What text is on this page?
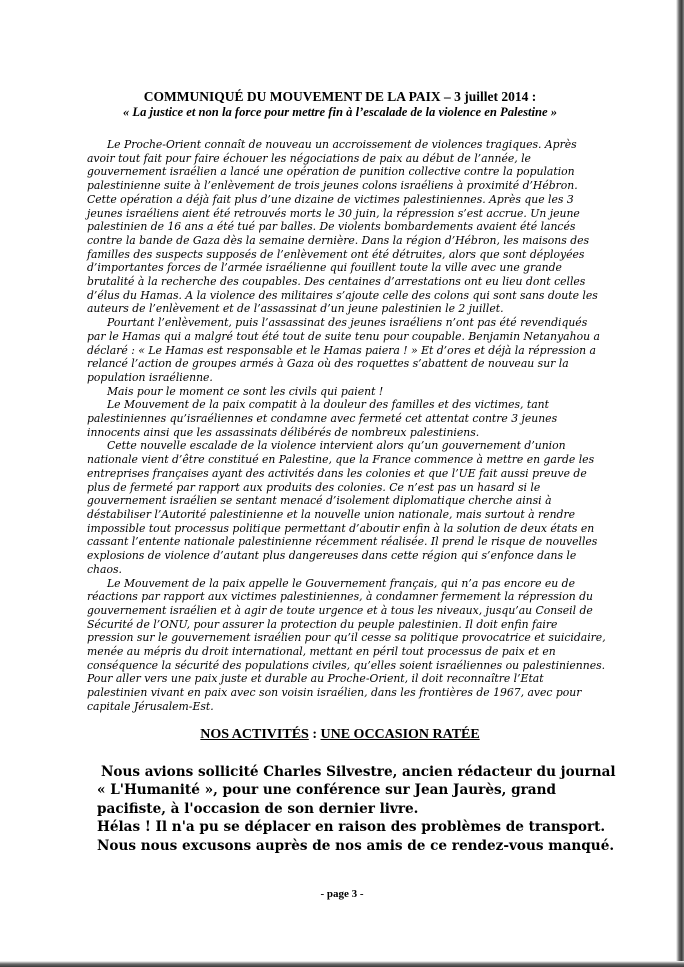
COMMUNIQUÉ DU MOUVEMENT DE LA PAIX – 3 juillet 2014 :
« La justice et non la force pour mettre fin à l’escalade de la violence en Palestine »

Le Proche-Orient connaît de nouveau un accroissement de violences tragiques. Après avoir tout fait pour faire échouer les négociations de paix au début de l’année, le gouvernement israélien a lancé une opération de punition collective contre la population palestinienne suite à l’enlèvement de trois jeunes colons israéliens à proximité d’Hébron. Cette opération a déjà fait plus d’une dizaine de victimes palestiniennes. Après que les 3 jeunes israéliens aient été retrouvés morts le 30 juin, la répression s’est accrue. Un jeune palestinien de 16 ans a été tué par balles. De violents bombardements avaient été lancés contre la bande de Gaza dès la semaine dernière. Dans la région d’Hébron, les maisons des familles des suspects supposés de l’enlèvement ont été détruites, alors que sont déployées d’importantes forces de l’armée israélienne qui fouillent toute la ville avec une grande brutalité à la recherche des coupables. Des centaines d’arrestations ont eu lieu dont celles d’élus du Hamas. A la violence des militaires s’ajoute celle des colons qui sont sans doute les auteurs de l’enlèvement et de l’assassinat d’un jeune palestinien le 2 juillet.

Pourtant l’enlèvement, puis l’assassinat des jeunes israéliens n’ont pas été revendiqués par le Hamas qui a malgré tout été tout de suite tenu pour coupable. Benjamin Netanyahou a déclaré : « Le Hamas est responsable et le Hamas paiera ! » Et d’ores et déjà la répression a relancé l’action de groupes armés à Gaza où des roquettes s’abattent de nouveau sur la population israélienne.

Mais pour le moment ce sont les civils qui paient !

Le Mouvement de la paix compatit à la douleur des familles et des victimes, tant palestiniennes qu’israéliennes et condamne avec fermeté cet attentat contre 3 jeunes innocents ainsi que les assassinats délibérés de nombreux palestiniens.

Cette nouvelle escalade de la violence intervient alors qu’un gouvernement d’union nationale vient d’être constitué en Palestine, que la France commence à mettre en garde les entreprises françaises ayant des activités dans les colonies et que l’UE fait aussi preuve de plus de fermeté par rapport aux produits des colonies. Ce n’est pas un hasard si le gouvernement israélien se sentant menacé d’isolement diplomatique cherche ainsi à déstabiliser l’Autorité palestinienne et la nouvelle union nationale, mais surtout à rendre impossible tout processus politique permettant d’aboutir enfin à la solution de deux états en cassant l’entente nationale palestinienne récemment réalisée. Il prend le risque de nouvelles explosions de violence d’autant plus dangereuses dans cette région qui s’enfonce dans le chaos.

Le Mouvement de la paix appelle le Gouvernement français, qui n’a pas encore eu de réactions par rapport aux victimes palestiniennes, à condamner fermement la répression du gouvernement israélien et à agir de toute urgence et à tous les niveaux, jusqu’au Conseil de Sécurité de l’ONU, pour assurer la protection du peuple palestinien. Il doit enfin faire pression sur le gouvernement israélien pour qu’il cesse sa politique provocatrice et suicidaire, menée au mépris du droit international, mettant en péril tout processus de paix et en conséquence la sécurité des populations civiles, qu’elles soient israéliennes ou palestiniennes. Pour aller vers une paix juste et durable au Proche-Orient, il doit reconnaître l’Etat palestinien vivant en paix avec son voisin israélien, dans les frontières de 1967, avec pour capitale Jérusalem-Est.

NOS ACTIVITÉS : UNE OCCASION RATÉE

Nous avions sollicité Charles Silvestre, ancien rédacteur du journal « L'Humanité », pour une conférence sur Jean Jaurès, grand pacifiste, à l'occasion de son dernier livre.

Hélas ! Il n'a pu se déplacer en raison des problèmes de transport. Nous nous excusons auprès de nos amis de ce rendez-vous manqué.

- page 3 -
